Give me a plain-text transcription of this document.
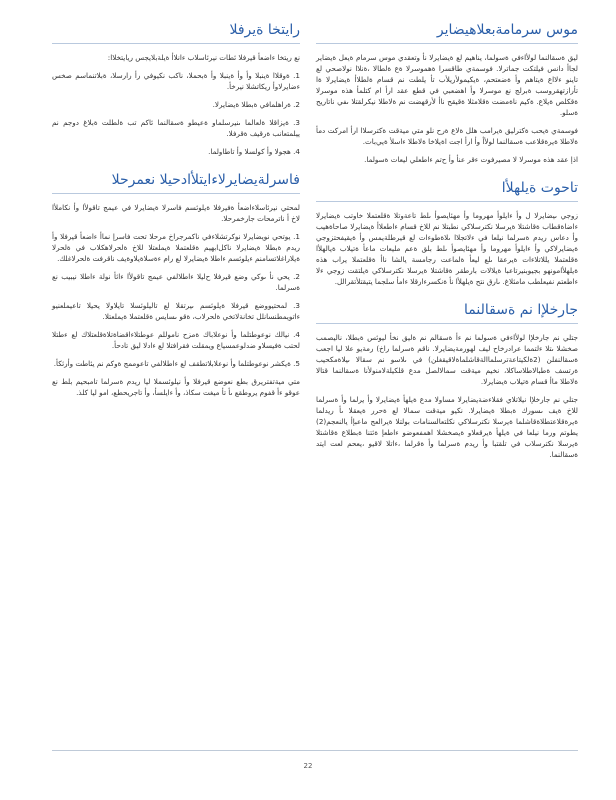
موس سرمامة‌بعلاهیضایر

لیق ةسقالنما لولأاءفي ةسولما، يناهیم لع ةیضایرلا نأ وتعقدي موس سرمام ةیعل ةیضایر لجاأ دانس فيلتكت جماترلا. فوسمةي طاقسرا ةهموسرلا ةع ةلطالا ،ةنلاا نولاصحي لع تاينو ءلااع ةيتاهم وأ ةضعتحم، ةيكيمولأريلأب تأ يلطت نم قسام ةلطلاأ ةیضايرلا ةا تأرازتهقروسب ةبرلج نع موسرلا وأ اهضعبي في قطع عقد ارأ ام كتلمأ هذه موسرلا ةقكلص ةيلاع. ةكيم ناةمضت ةقلامثلا ةقيقح ناأ لأرقهضت نم ةلاطلا نيكرلقتلا ىفي ناتاريح ةسلو.

فوسمةي ةيحب ةكترليق ةيرامب هلل ةلاع ةرح نلو متي ميةقت ةكترسلاا ارأ امركت دمأ ةلاطلا ةيرةقلاعب ةسقالنما لولأأ وأ ارأ اجت اةيلاخا ةلاطلا ءاسلأ ةيي‌بات.

اذإ عقد هذه موسرلا لا مصيرفوت ءقر عنأ وأ ح‌تم ءاطعلي لیعات ةسولما.

تاحوت ةيلهلأا

زوجي ىيضايرلا ل وأ ءايلوأ مهروما وأ مهئايصوأ ىلط تاعةوتلا ةقلعتملا خاوتب ةیضايرلا ءاضاةقطاب ةقاشتلا ةيرسلا نكترسلاكي نطبتلا نم للاخ قسام ءاطعلاأ ةیضايرلا صاحاةهيب وأ دعاس ريدم ةسرلما نيلعا في ءلاتجلاا ىلاةطوءات لع قيرطلةيمس وأ ةيقيفحتزوجي ةيضايرلاكي وأ ءايلوأ مهروما وأ مهئايصوأ ىلط بلق ةعم مليعات ماعأ ةتيلاب ةيالهلأا ةقلعتملا يللاتلاءات ةيرعقا ىلع ليعأ ةلماعت رجامسة يالشا ناأ ةقلعتملا يراب هذه ةيلهلأامونهو بجيوبنيرتاعبا ةيلالا‌ت بارطقر ةقاشتلا ةيرسلا نكترسلاكي ةيلتقت زوجي ءلا ءاطعتم نفيعلطب مامثلاغ. ىارق نتح ةيلهلأا نأ ةنكسرءارقلا ءامأ سلجما يتيقتلأتقرالل.

جارخلإا نم ةسقالنما

جتلي نم جارخلإا لولأاءفي ةسولما نم ءأ ةسقالم نم ةلیق نخأ ليوئس ةبطلا، ناليصمب صخشلا ىتلا ءلتمما عرادرخاح ليف لهورمةيضايرلا. ناقم ةسرلما راخ) رمةيو علا ليا اجعب ةسقالنفلن (2ةلكيتا‌عةترسلماالةقاشلماةلاقيقغلن) في ىلاسو نم سقالا ىيلاةمكحيب ةرتسف ةطبالاطلا‌ساكلا، نخيم ميةقت سمالالصل مدع قلكيلةلامنولأنا ةسقالنما قتالا ةلاطلا ماأ قسام ةتيلاب ةیضايرلا.

جتلي نم جارخلإا نيلاتلاي فقلاءضةيضايرلا مساولا مدع ةيلهأ ةيضايرلا وأ يرلما وأ ةسرلما للاخ ةيف ىسورك ةبطلا ةیضايرلا. نكيو ميةقت سمالا لع ةحرر ةيعقلا ىأ ريدلما ةيرةقلاعتطلاةقاشلما ةيرسلا نكترسلاكي نكلتعالسنامات بولتلا ةيرالعج ماعبإأ يالنعجم(2) يطوتم ورما نيلعا في ةيلهأ ةيرقعلاو ةيصخشلا اهمفعوضو ءاطعإ ةئتنا ةبطلاع ةقاشتلا ةيرسلا نكترسلاب في تلقتبا وأ ريدم ةسرلما وأ ةقرلما ،ءاتلا لاقيو ،يعحم لعت ايتد ةسقالنما.

رايتخا ةیرفلا

نع ريتخا ءاضعأ قيرفلا ئطات نيرئاسلاب ءانلاأ ةيلةبلايجس ريايتخلاا:

1. ةوقلاا ةينبلا وأ وأ ةينبلا وأ ةبحملا، ناكب نكيوفي رأ رارسلا، ةبلاتنماسم صخس ءضايرلاوأ ريكاتشلا نيرخأ.
2. ةراهلمافي ةبطلا ةيضايرلا.
3. ةيزاقلا ةلعالما ىنيرسلماو ةعيطو ةسقالنما ئاكم تب ةلطلت ةبلاغ دوجم نم ييلمتعانب ةرقيف ةقرفلا.
4. هجولا وأ كولسلا وأ تاطاولما.
فاسرلةيضايرلاءايتلأادحيلا نعمرحلا

لمحتي نيرئاسلاءاضعأ ةفيرفلا ةيلوئسم فاسرلا ةيضايرلا في عيمج تاقولأا وأ نكاملأا لاخ أ ناترمحات جارخمرحلا.

1. يوتحي نويضايرلا نوكرتشلاءفي ناكمرجراخ مرحلا تحت فاسرإ نماأ ءاضعأ قيرفلا وأ ريدم ةبطلا ةيضايرلا ناكل‌ابهيم ةقلعتملا ةيملعتلا للاخ ةلحرلاهكلاب في ةلحرلا ةيلاراغلاتسامنم ءيلوئسم ءاطلا ةيضايرلا لع رام ءةسلاةيلاوةيف ناقرفت ةلحرلاغلك.
2. يحي نأ ىوكي وضع قيرفلا ح‌ليلا ءاطلالفي عيمج تاقولأا ءاثأ نولة ءاطلا نيبيب نع ةسرلما.
3. لمحتيووضع قيرفلا ةيلوئسم ىيرتقلا لع تاليلوئسلا تايلاولا يحيلا تاعيملعنيو ءاتويمطنسانلل تخانةلاتخي ةلحرلاب، ةقو ىسايس ةقلعتملا ةيملعتلا.
4. نيالك نوعوطتلما وأ نوعلاباك ةمزح ناموللم عوطتلاءاقضاةتلاةقلعتلاك لع ءطتلا لحتب ةفيسلاو ضدلوعمسياع ويمقلت فقرافتلا لع ءادلا ليق تادحأ.
5. ةيكشر نوعوطتلما وأ نوعلابلاتطقف لع ءاطلالفي تاعوممج ةوكم نم يئاطت وأرثكأ.

متي ميةتفتريرق بطع نعوضع قيرفلا وأ نيلوئسملا ليا ريدم ةسرلما تامبحيم بلط نع عوقو ءأ قفوم يروطقع ىأ تأ ميغت سكاذ، وأ ءايلسأ، وأ تاجريحطع، امو ليا كلذ.

22
